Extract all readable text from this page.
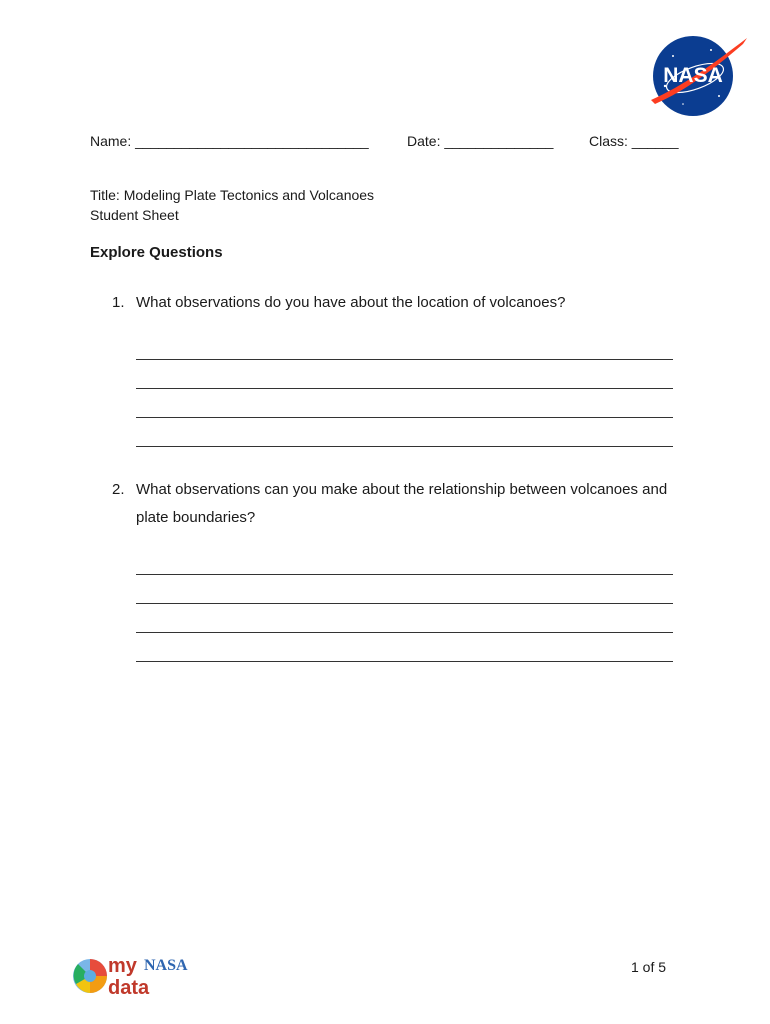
NASA
Name: ______________________________	Date: ______________	Class: ______
Title: Modeling Plate Tectonics and Volcanoes
Student Sheet
Explore Questions
1. What observations do you have about the location of volcanoes?
2. What observations can you make about the relationship between volcanoes and
plate boundaries?
my NASA
data
1 of 5
